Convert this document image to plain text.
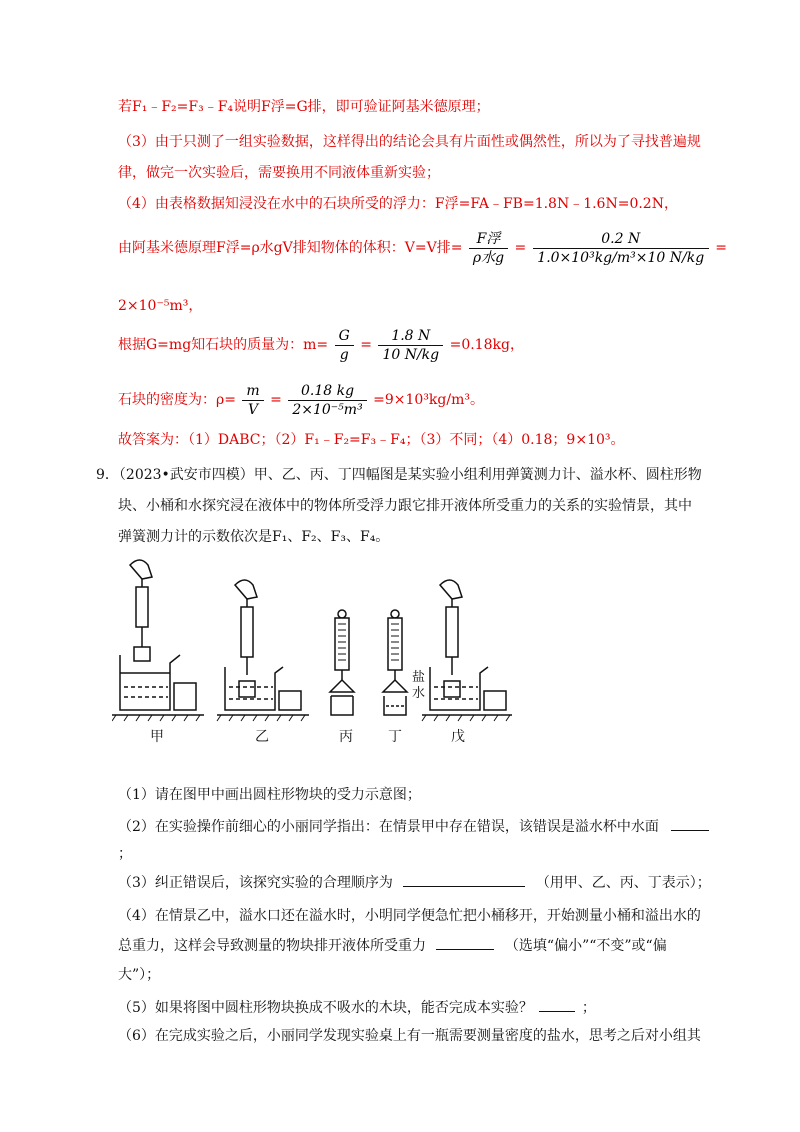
若F₁﹣F₂=F₃﹣F₄说明F浮=G排，即可验证阿基米德原理；
（3）由于只测了一组实验数据，这样得出的结论会具有片面性或偶然性，所以为了寻找普遍规
律，做完一次实验后，需要换用不同液体重新实验；
（4）由表格数据知浸没在水中的石块所受的浮力：F浮=FA﹣FB=1.8N﹣1.6N=0.2N，
由阿基米德原理F浮=ρ水gV排知物体的体积：V=V排= $\frac{\text{F浮}}{\text{ρ水g}} = \frac{0.2 N}{\text{1.0×10³kg/m³×10 N/kg}}$ =
2×10⁻⁵m³，
根据G=mg知石块的质量为：$m= \frac{G}{g} = \frac{1.8 N}{10 N/kg} =0.18kg$，
石块的密度为：$\rho= \frac{m}{V} = \frac{0.18 kg}{\text{2×10⁻⁵m³}} =9\times 10^3kg/m^3$。
故答案为：（1）DABC；（2）F₁﹣F₂=F₃﹣F₄；（3）不同；（4）0.18；9×10³。
9．（2023•武安市四模）甲、乙、丙、丁四幅图是某实验小组利用弹簧测力计、溢水杯、圆柱形物
块、小桶和水探究浸在液体中的物体所受浮力跟它排开液体所受重力的关系的实验情景，其中
弹簧测力计的示数依次是F₁、F₂、F₃、F₄。
甲	乙	丙	丁	戊
盐水
（1）请在图甲中画出圆柱形物块的受力示意图；
（2）在实验操作前细心的小丽同学指出：在情景甲中存在错误，该错误是溢水杯中水面
；
（3）纠正错误后，该探究实验的合理顺序为	（用甲、乙、丙、丁表示）；
（4）在情景乙中，溢水口还在溢水时，小明同学便急忙把小桶移开，开始测量小桶和溢出水的
总重力，这样会导致测量的物块排开液体所受重力	（选填“偏小”“不变”或“偏
大”）；
（5）如果将图中圆柱形物块换成不吸水的木块，能否完成本实验？	；
（6）在完成实验之后，小丽同学发现实验桌上有一瓶需要测量密度的盐水，思考之后对小组其
